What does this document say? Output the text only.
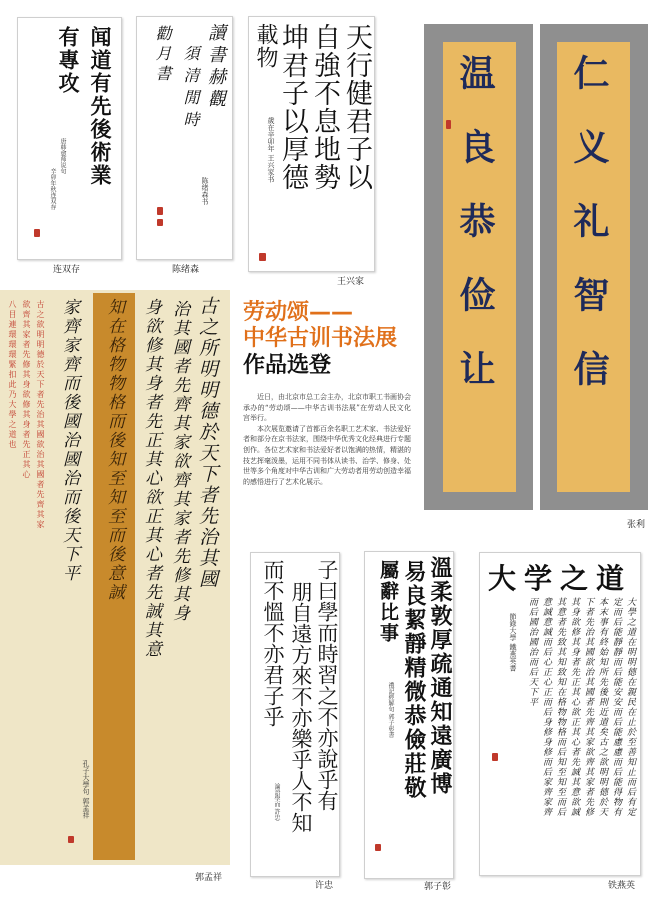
闻道有先後術業
有專攻
唐韩愈师说句
辛卯年秋连双存
连双存
讀書赫觀
須清閒時
勸月書
陈绪森书
陈绪森
天行健君子以
自強不息地勢
坤君子以厚德
載物
歲在辛卯年 王兴家书
王兴家 温良恭俭让 仁义礼智信
张利
劳动颂——
中华古训书法展
作品选登
近日，由北京市总工会主办，北京市职工书画协会承办的“劳动颂——中华古训书法展”在劳动人民文化宫举行。
本次展览邀请了首都百余名职工艺术家、书法爱好者和部分在京书法家，围绕中华优秀文化经典进行专题创作。各位艺术家和书法爱好者以饱满的热情，精湛的技艺挥毫泼墨，运用不同书体从读书、治学、修身、处世等多个角度对中华古训和广大劳动者用劳动创造幸福的感悟进行了艺术化展示。
古之所明明德於天下者先治其國
治其國者先齊其家欲齊其家者先修其身
身欲修其身者先正其心欲正其心者先誠其意
知在格物物格而後知至知至而後意誠
家齊家齊而後國治國治而後天下平
古之欲明明德於天下者先治其國欲治其國者先齊其家
欲齊其家者先修其身欲修其身者先正其心
八目連環環環緊扣此乃大學之道也
孔子大學句 郭孟祥
郭孟祥
子曰學而時習之不亦說乎有
朋自遠方來不亦樂乎人不知
而不慍不亦君子乎
論語學而 許忠
许忠
溫柔敦厚疏通知遠廣博
易良絜靜精微恭儉莊敬
屬辭比事
禮記經解句 郭子彰書
郭子彰
大学之道
大學之道在明明德在親民在止於至善知止而后有定
定而后能靜靜而后能安安而后能慮慮而后能得物有
本末事有終始知所先後則近道矣古之欲明明德於天
下者先治其國欲治其國者先齊其家欲齊其家者先修
其身欲修其身者先正其心欲正其心者先誠其意欲誠
其意者先致其知致知在格物物格而后知至知至而后
意誠意誠而后心正心正而后身修身修而后家齊家齊
而后國治國治而后天下平
節錄大學 鐵燕英書
铁燕英
